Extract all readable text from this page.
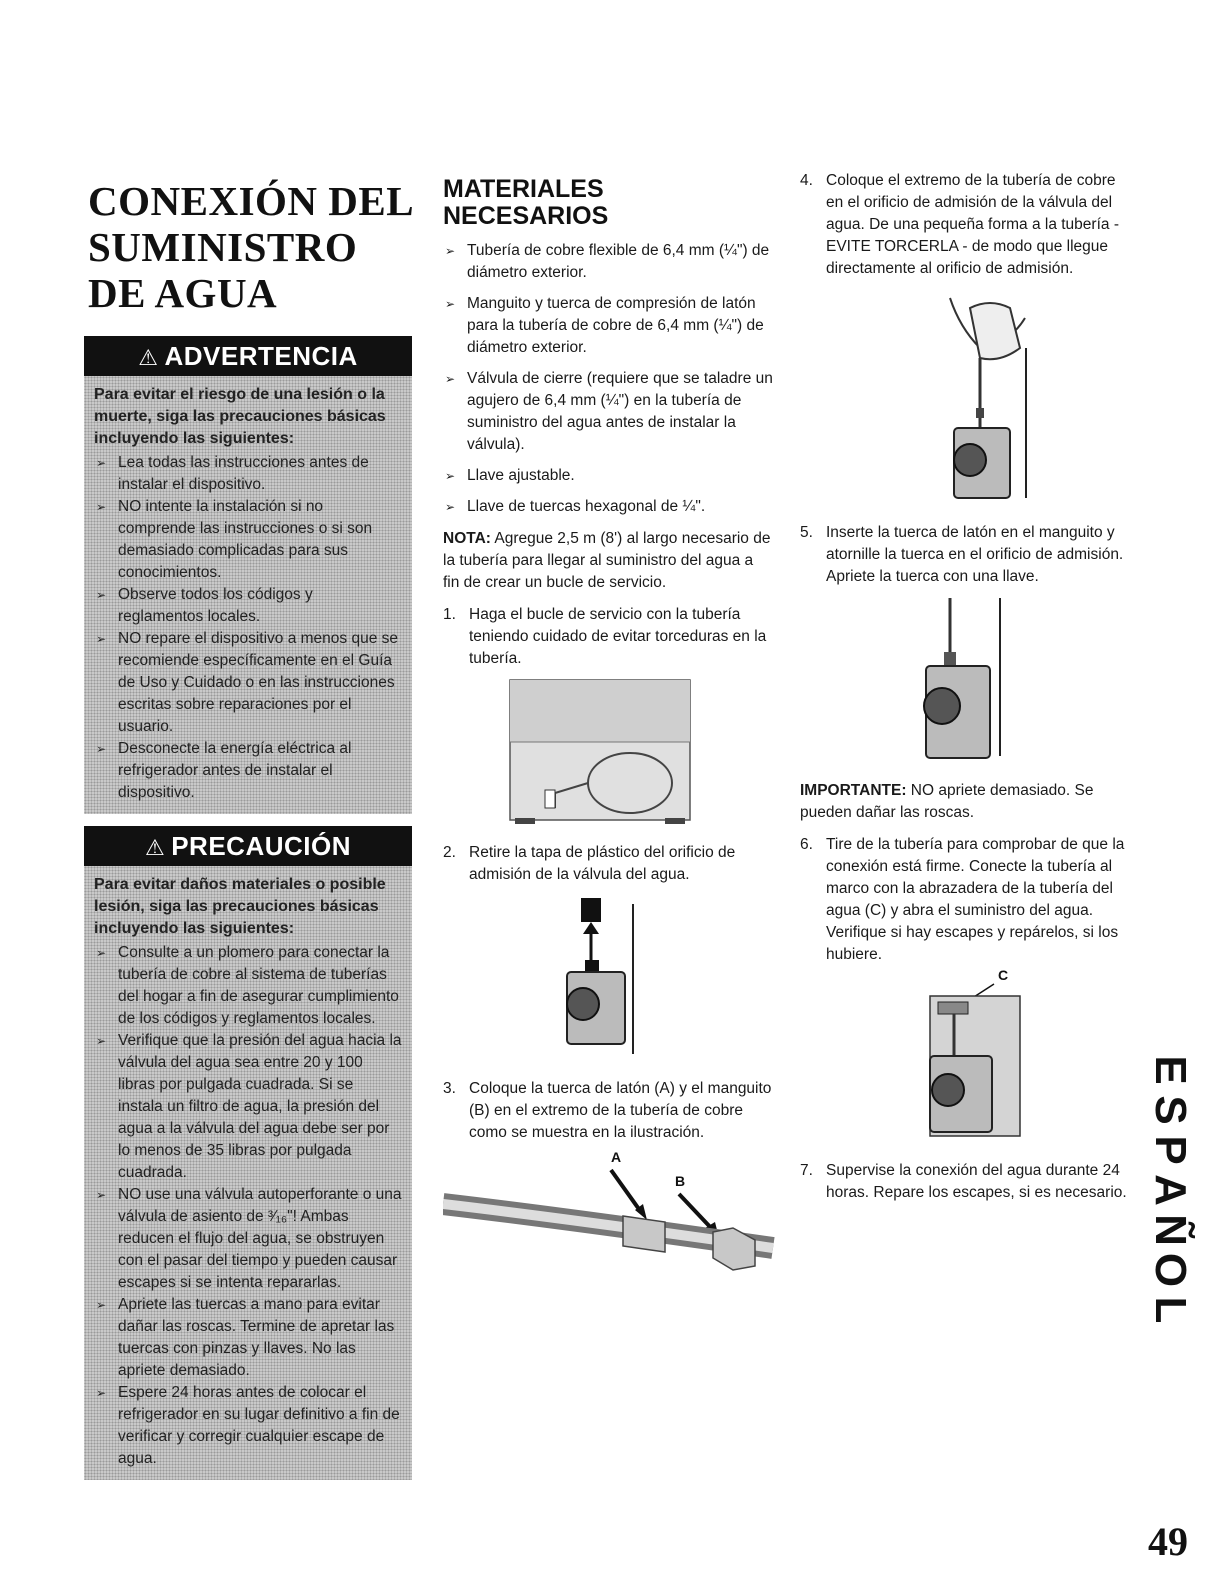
CONEXIÓN DEL SUMINISTRO
DE AGUA
⚠ ADVERTENCIA
Para evitar el riesgo de una lesión o la muerte, siga las precauciones básicas incluyendo las siguientes:
➢ Lea todas las instrucciones antes de instalar el dispositivo.
➢ NO intente la instalación si no comprende las instrucciones o si son demasiado complicadas para sus conocimientos.
➢ Observe todos los códigos y reglamentos locales.
➢ NO repare el dispositivo a menos que se recomiende específicamente en el Guía de Uso y Cuidado o en las instrucciones escritas sobre reparaciones por el usuario.
➢ Desconecte la energía eléctrica al refrigerador antes de instalar el dispositivo.
⚠ PRECAUCIÓN
Para evitar daños materiales o posible lesión, siga las precauciones básicas incluyendo las siguientes:
➢ Consulte a un plomero para conectar la tubería de cobre al sistema de tuberías del hogar a fin de asegurar cumplimiento de los códigos y reglamentos locales.
➢ Verifique que la presión del agua hacia la válvula del agua sea entre 20 y 100 libras por pulgada cuadrada. Si se instala un filtro de agua, la presión del agua a la válvula del agua debe ser por lo menos de 35 libras por pulgada cuadrada.
➢ NO use una válvula autoperforante o una válvula de asiento de ³⁄₁₆"! Ambas reducen el flujo del agua, se obstruyen con el pasar del tiempo y pueden causar escapes si se intenta repararlas.
➢ Apriete las tuercas a mano para evitar dañar las roscas. Termine de apretar las tuercas con pinzas y llaves. No las apriete demasiado.
➢ Espere 24 horas antes de colocar el refrigerador en su lugar definitivo a fin de verificar y corregir cualquier escape de agua.
MATERIALES
NECESARIOS
➢ Tubería de cobre flexible de 6,4 mm (¼") de diámetro exterior.
➢ Manguito y tuerca de compresión de latón para la tubería de cobre de 6,4 mm (¼") de diámetro exterior.
➢ Válvula de cierre (requiere que se taladre un agujero de 6,4 mm (¼") en la tubería de suministro del agua antes de instalar la válvula).
➢ Llave ajustable.
➢ Llave de tuercas hexagonal de ¼".

NOTA: Agregue 2,5 m (8') al largo necesario de la tubería para llegar al suministro del agua a fin de crear un bucle de servicio.

1. Haga el bucle de servicio con la tubería teniendo cuidado de evitar torceduras en la tubería.
2. Retire la tapa de plástico del orificio de admisión de la válvula del agua.
3. Coloque la tuerca de latón (A) y el manguito (B) en el extremo de la tubería de cobre como se muestra en la ilustración.
A
B
4. Coloque el extremo de la tubería de cobre en el orificio de admisión de la válvula del agua. De una pequeña forma a la tubería - EVITE TORCERLA - de modo que llegue directamente al orificio de admisión.
5. Inserte la tuerca de latón en el manguito y atornille la tuerca en el orificio de admisión. Apriete la tuerca con una llave.

IMPORTANTE: NO apriete demasiado. Se pueden dañar las roscas.

6. Tire de la tubería para comprobar de que la conexión está firme. Conecte la tubería al marco con la abrazadera de la tubería del agua (C) y abra el suministro del agua. Verifique si hay escapes y repárelos, si los hubiere.
C
7. Supervise la conexión del agua durante 24 horas. Repare los escapes, si es necesario.
E
S
P
A
Ñ
O
L
49
